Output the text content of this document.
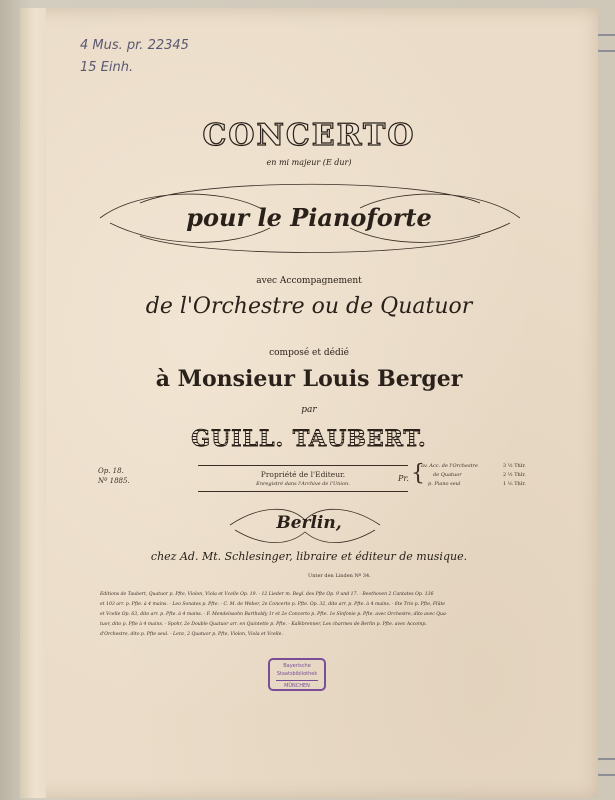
4 Mus. pr. 22345
15 Einh.
CONCERTO
en mi majeur (E dur)
pour le Pianoforte
avec Accompagnement
de l'Orchestre ou de Quatuor
composé et dédié
à Monsieur Louis Berger
par
GUILL. TAUBERT.
Op. 18.
Nº 1885.
Propriété de l'Editeur.
Enregistré dans l'Archive de l'Union.
Pr. {
av. Acc. de l'Orchestre	3 ½ Thlr.
de Quatuor	2 ½ Thlr.
p. Piano seul	1 ⅙ Thlr.
Berlin,
chez Ad. Mt. Schlesinger, libraire et éditeur de musique.
Unter den Linden Nº 34.
Editions de Taubert, Quatuor p. Pfte, Violon, Viola et Vcelle Op. 19. - 12 Lieder m. Begl. des Pfte Op. 9 und 17. - Beethoven 2 Cantates Op. 136
et 103 arr. p. Pfte. à 4 mains. - Leo Sonates p. Pfte. - C. M. de Weber, 2e Concerto p. Pfte. Op. 32, dito arr. p. Pfte. à 4 mains. - 6te Trio p. Pfte, Flûte
et Vcelle Op. 63, dito arr. p. Pfte. à 4 mains. - F. Mendelssohn Bartholdy 1r et 2e Concerto p. Pfte. 1e Sinfonie p. Pfte. avec Orchestre, dito avec Qua-
tuor, dito p. Pfte à 4 mains. - Spohr, 2e Double Quatuor arr. en Quintette p. Pfte. - Kalkbrenner, Les charmes de Berlin p. Pfte. avec Accomp.
d'Orchestre, dito p. Pfte seul. - Lenz, 2 Quatuor p. Pfte, Violon, Viola et Vcelle.
Bayerische
Staatsbibliothek
MÜNCHEN
